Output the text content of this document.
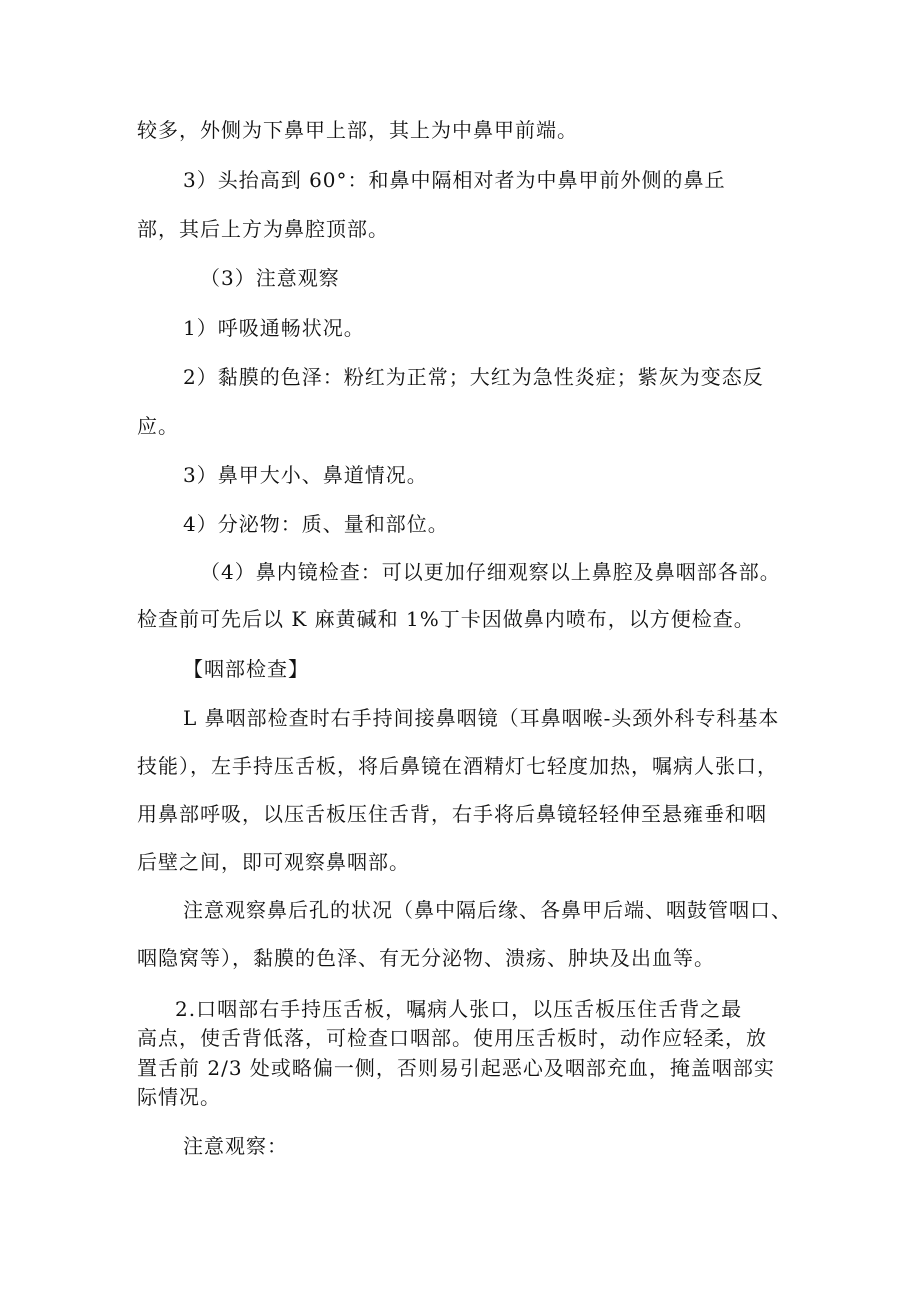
较多，外侧为下鼻甲上部，其上为中鼻甲前端。
3）头抬高到 60°：和鼻中隔相对者为中鼻甲前外侧的鼻丘
部，其后上方为鼻腔顶部。
（3）注意观察
1）呼吸通畅状况。
2）黏膜的色泽：粉红为正常；大红为急性炎症；紫灰为变态反
应。
3）鼻甲大小、鼻道情况。
4）分泌物：质、量和部位。
（4）鼻内镜检查：可以更加仔细观察以上鼻腔及鼻咽部各部。
检查前可先后以 K 麻黄碱和 1%丁卡因做鼻内喷布，以方便检查。
【咽部检查】
L 鼻咽部检查时右手持间接鼻咽镜（耳鼻咽喉-头颈外科专科基本
技能），左手持压舌板，将后鼻镜在酒精灯七轻度加热，嘱病人张口，
用鼻部呼吸，以压舌板压住舌背，右手将后鼻镜轻轻伸至悬雍垂和咽
后壁之间，即可观察鼻咽部。
注意观察鼻后孔的状况（鼻中隔后缘、各鼻甲后端、咽鼓管咽口、
咽隐窝等），黏膜的色泽、有无分泌物、溃疡、肿块及出血等。
2.口咽部右手持压舌板，嘱病人张口，以压舌板压住舌背之最
高点，使舌背低落，可检查口咽部。使用压舌板时，动作应轻柔，放
置舌前 2/3 处或略偏一侧，否则易引起恶心及咽部充血，掩盖咽部实
际情况。
注意观察：
